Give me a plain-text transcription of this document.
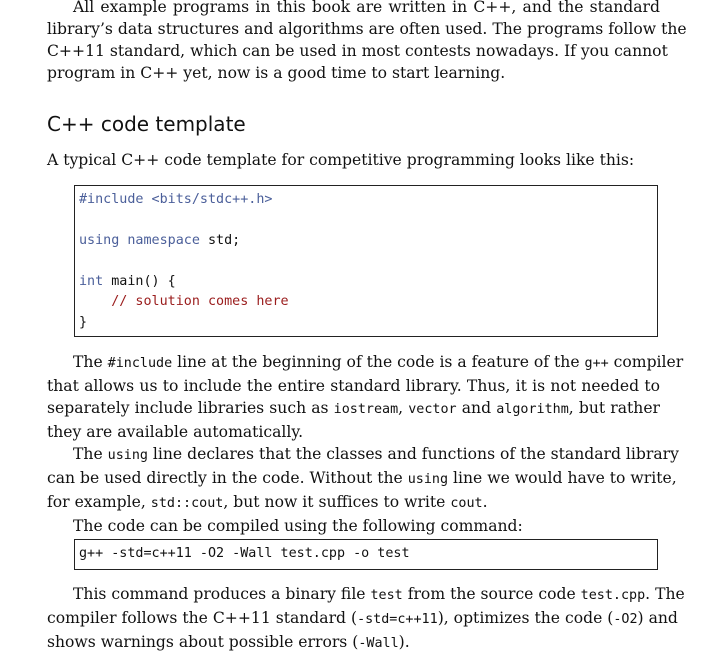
All example programs in this book are written in C++, and the standard
library’s data structures and algorithms are often used. The programs follow the
C++11 standard, which can be used in most contests nowadays. If you cannot
program in C++ yet, now is a good time to start learning.
C++ code template
A typical C++ code template for competitive programming looks like this:
#include <bits/stdc++.h>
using namespace std;
int main() {
// solution comes here
}
The #include line at the beginning of the code is a feature of the g++ compiler
that allows us to include the entire standard library. Thus, it is not needed to
separately include libraries such as iostream, vector and algorithm, but rather
they are available automatically.
The using line declares that the classes and functions of the standard library
can be used directly in the code. Without the using line we would have to write,
for example, std::cout, but now it suffices to write cout.
The code can be compiled using the following command:
g++ -std=c++11 -O2 -Wall test.cpp -o test
This command produces a binary file test from the source code test.cpp. The
compiler follows the C++11 standard (-std=c++11), optimizes the code (-O2) and
shows warnings about possible errors (-Wall).
